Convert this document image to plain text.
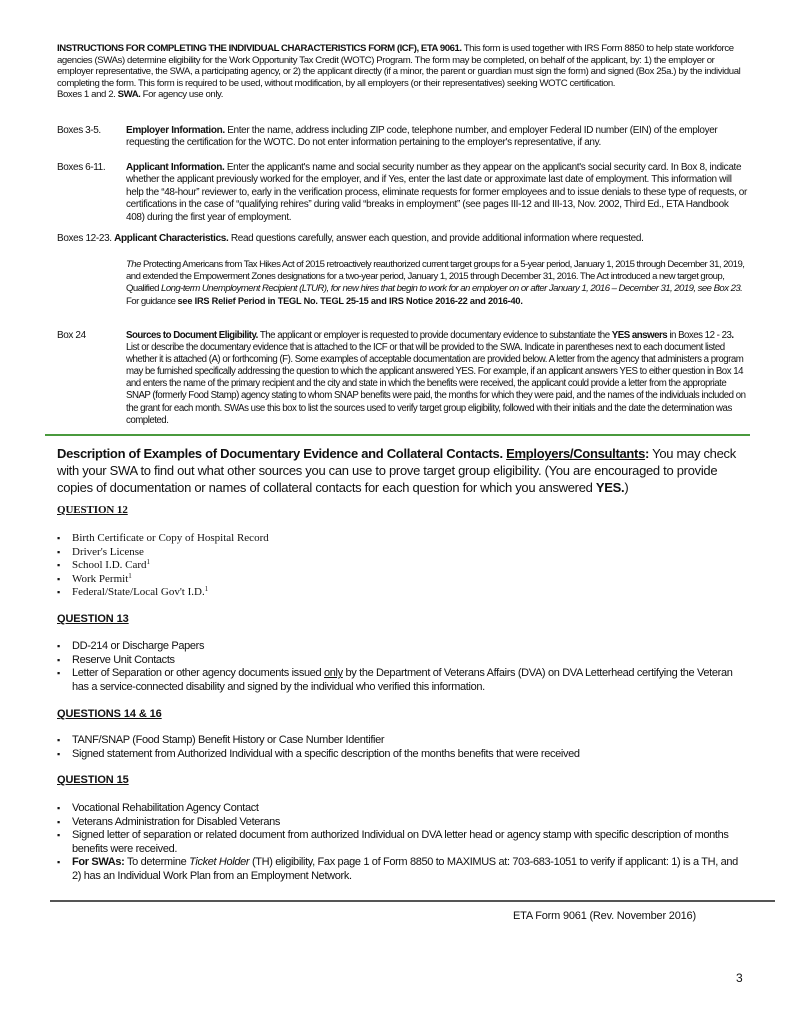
INSTRUCTIONS FOR COMPLETING THE INDIVIDUAL CHARACTERISTICS FORM (ICF), ETA 9061. This form is used together with IRS Form 8850 to help state workforce agencies (SWAs) determine eligibility for the Work Opportunity Tax Credit (WOTC) Program. The form may be completed, on behalf of the applicant, by: 1) the employer or employer representative, the SWA, a participating agency, or 2) the applicant directly (if a minor, the parent or guardian must sign the form) and signed (Box 25a.) by the individual completing the form. This form is required to be used, without modification, by all employers (or their representatives) seeking WOTC certification.
Boxes 1 and 2. SWA. For agency use only.
Boxes 3-5.	Employer Information. Enter the name, address including ZIP code, telephone number, and employer Federal ID number (EIN) of the employer requesting the certification for the WOTC. Do not enter information pertaining to the employer's representative, if any.
Boxes 6-11.	Applicant Information. Enter the applicant's name and social security number as they appear on the applicant's social security card. In Box 8, indicate whether the applicant previously worked for the employer, and if Yes, enter the last date or approximate last date of employment. This information will help the “48-hour” reviewer to, early in the verification process, eliminate requests for former employees and to issue denials to these type of requests, or certifications in the case of “qualifying rehires” during valid “breaks in employment” (see pages III-12 and III-13, Nov. 2002, Third Ed., ETA Handbook 408) during the first year of employment.
Boxes 12-23. Applicant Characteristics. Read questions carefully, answer each question, and provide additional information where requested.
The Protecting Americans from Tax Hikes Act of 2015 retroactively reauthorized current target groups for a 5-year period, January 1, 2015 through December 31, 2019, and extended the Empowerment Zones designations for a two-year period, January 1, 2015 through December 31, 2016. The Act introduced a new target group, Qualified Long-term Unemployment Recipient (LTUR), for new hires that begin to work for an employer on or after January 1, 2016 – December 31, 2019, see Box 23. For guidance see IRS Relief Period in TEGL No. TEGL 25-15 and IRS Notice 2016-22 and 2016-40.
Box 24	Sources to Document Eligibility. The applicant or employer is requested to provide documentary evidence to substantiate the YES answers in Boxes 12 - 23. List or describe the documentary evidence that is attached to the ICF or that will be provided to the SWA. Indicate in parentheses next to each document listed whether it is attached (A) or forthcoming (F). Some examples of acceptable documentation are provided below. A letter from the agency that administers a program may be furnished specifically addressing the question to which the applicant answered YES. For example, if an applicant answers YES to either question in Box 14 and enters the name of the primary recipient and the city and state in which the benefits were received, the applicant could provide a letter from the appropriate SNAP (formerly Food Stamp) agency stating to whom SNAP benefits were paid, the months for which they were paid, and the names of the individuals included on the grant for each month. SWAs use this box to list the sources used to verify target group eligibility, followed with their initials and the date the determination was completed.
Description of Examples of Documentary Evidence and Collateral Contacts. Employers/Consultants: You may check with your SWA to find out what other sources you can use to prove target group eligibility. (You are encouraged to provide copies of documentation or names of collateral contacts for each question for which you answered YES.)
QUESTION 12
▪ Birth Certificate or Copy of Hospital Record
▪ Driver's License
▪ School I.D. Card$^1$
▪ Work Permit$^1$
▪ Federal/State/Local Gov't I.D.$^1$
QUESTION 13
▪ DD-214 or Discharge Papers
▪ Reserve Unit Contacts
▪ Letter of Separation or other agency documents issued only by the Department of Veterans Affairs (DVA) on DVA Letterhead certifying the Veteran has a service-connected disability and signed by the individual who verified this information.
QUESTIONS 14 & 16
▪ TANF/SNAP (Food Stamp) Benefit History or Case Number Identifier
▪ Signed statement from Authorized Individual with a specific description of the months benefits that were received
QUESTION 15
▪ Vocational Rehabilitation Agency Contact
▪ Veterans Administration for Disabled Veterans
▪ Signed letter of separation or related document from authorized Individual on DVA letter head or agency stamp with specific description of months benefits were received.
▪ For SWAs: To determine Ticket Holder (TH) eligibility, Fax page 1 of Form 8850 to MAXIMUS at: 703-683-1051 to verify if applicant: 1) is a TH, and 2) has an Individual Work Plan from an Employment Network.
ETA Form 9061 (Rev. November 2016)
3
